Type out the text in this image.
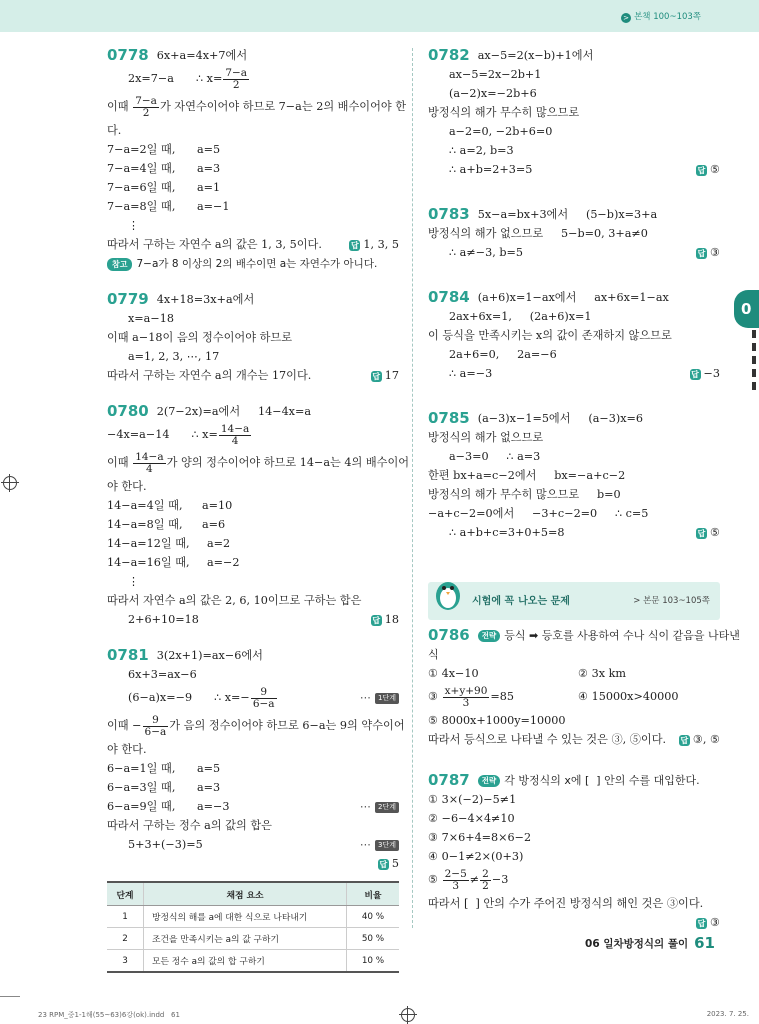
> 본책 100~103쪽
0
0778 6x+a=4x+7에서
2x=7−a ∴ $x= \frac{7-a}{2}$
이때 $\frac{7-a}{2}$ 가 자연수이어야 하므로 7−a는 2의 배수이어야 한
다.
7−a=2일 때, a=5
7−a=4일 때, a=3
7−a=6일 때, a=1
7−a=8일 때, a=−1
⋮
따라서 구하는 자연수 a의 값은 1, 3, 5이다.	답 1, 3, 5
참고 7−a가 8 이상의 2의 배수이면 a는 자연수가 아니다.
0779 4x+18=3x+a에서
x=a−18
이때 a−18이 음의 정수이어야 하므로
a=1, 2, 3, ⋯, 17
따라서 구하는 자연수 a의 개수는 17이다.	답 17
0780 2(7−2x)=a에서     14−4x=a
−4x=a−14 ∴ $x= \frac{14-a}{4}$
이때 $\frac{14-a}{4}$ 가 양의 정수이어야 하므로 14−a는 4의 배수이어
야 한다.
14−a=4일 때, a=10
14−a=8일 때, a=6
14−a=12일 때, a=2
14−a=16일 때, a=−2
⋮
따라서 자연수 a의 값은 2, 6, 10이므로 구하는 합은
2+6+10=18	답 18
0781 3(2x+1)=ax−6에서
6x+3=ax−6
(6−a)x=−9 ∴ $x=- \frac{9}{6-a}$	⋯ 1단계
이때 − $\frac{9}{6-a}$ 가 음의 정수이어야 하므로 6−a는 9의 약수이어
야 한다.
6−a=1일 때, a=5
6−a=3일 때, a=3
6−a=9일 때, a=−3	⋯ 2단계
따라서 구하는 정수 a의 값의 합은
5+3+(−3)=5	⋯ 3단계
답 5
단계	채점 요소	비율
1	방정식의 해를 a에 대한 식으로 나타내기	40 %
2	조건을 만족시키는 a의 값 구하기	50 %
3	모든 정수 a의 값의 합 구하기	10 %
0782 ax−5=2(x−b)+1에서
ax−5=2x−2b+1
(a−2)x=−2b+6
방정식의 해가 무수히 많으므로
a−2=0, −2b+6=0
∴ a=2, b=3
∴ a+b=2+3=5	답 ⑤
0783 5x−a=bx+3에서     (5−b)x=3+a
방정식의 해가 없으므로     5−b=0, 3+a≠0
∴ a≠−3, b=5	답 ③
0784 (a+6)x=1−ax에서     ax+6x=1−ax
2ax+6x=1,     (2a+6)x=1
이 등식을 만족시키는 x의 값이 존재하지 않으므로
2a+6=0,     2a=−6
∴ a=−3	답 −3
0785 (a−3)x−1=5에서     (a−3)x=6
방정식의 해가 없으므로
a−3=0     ∴ a=3
한편 bx+a=c−2에서     bx=−a+c−2
방정식의 해가 무수히 많으므로     b=0
−a+c−2=0에서     −3+c−2=0     ∴ c=5
∴ a+b+c=3+0+5=8	답 ⑤
시험에 꼭 나오는 문제	> 본문 103~105쪽
0786 전략 등식 ➡ 등호를 사용하여 수나 식이 같음을 나타낸
식
① 4x−10	② 3x km
③ $\frac{x+y+90}{3} =85$	④ 15000x>40000
⑤ 8000x+1000y=10000
따라서 등식으로 나타낼 수 있는 것은 ③, ⑤이다. 답 ③, ⑤
0787 전략 각 방정식의 x에 [  ] 안의 수를 대입한다.
① 3×(−2)−5≠1
② −6−4×4≠10
③ 7×6+4=8×6−2
④ 0−1≠2×(0+3)
⑤ $\frac{2-5}{3} \ne \frac{2}{2} -3$
따라서 [  ] 안의 수가 주어진 방정식의 해인 것은 ③이다.
답 ③
06 일차방정식의 풀이 61
23 RPM_중1-1해(55~63)6강(ok).indd   61	2023. 7. 25.
